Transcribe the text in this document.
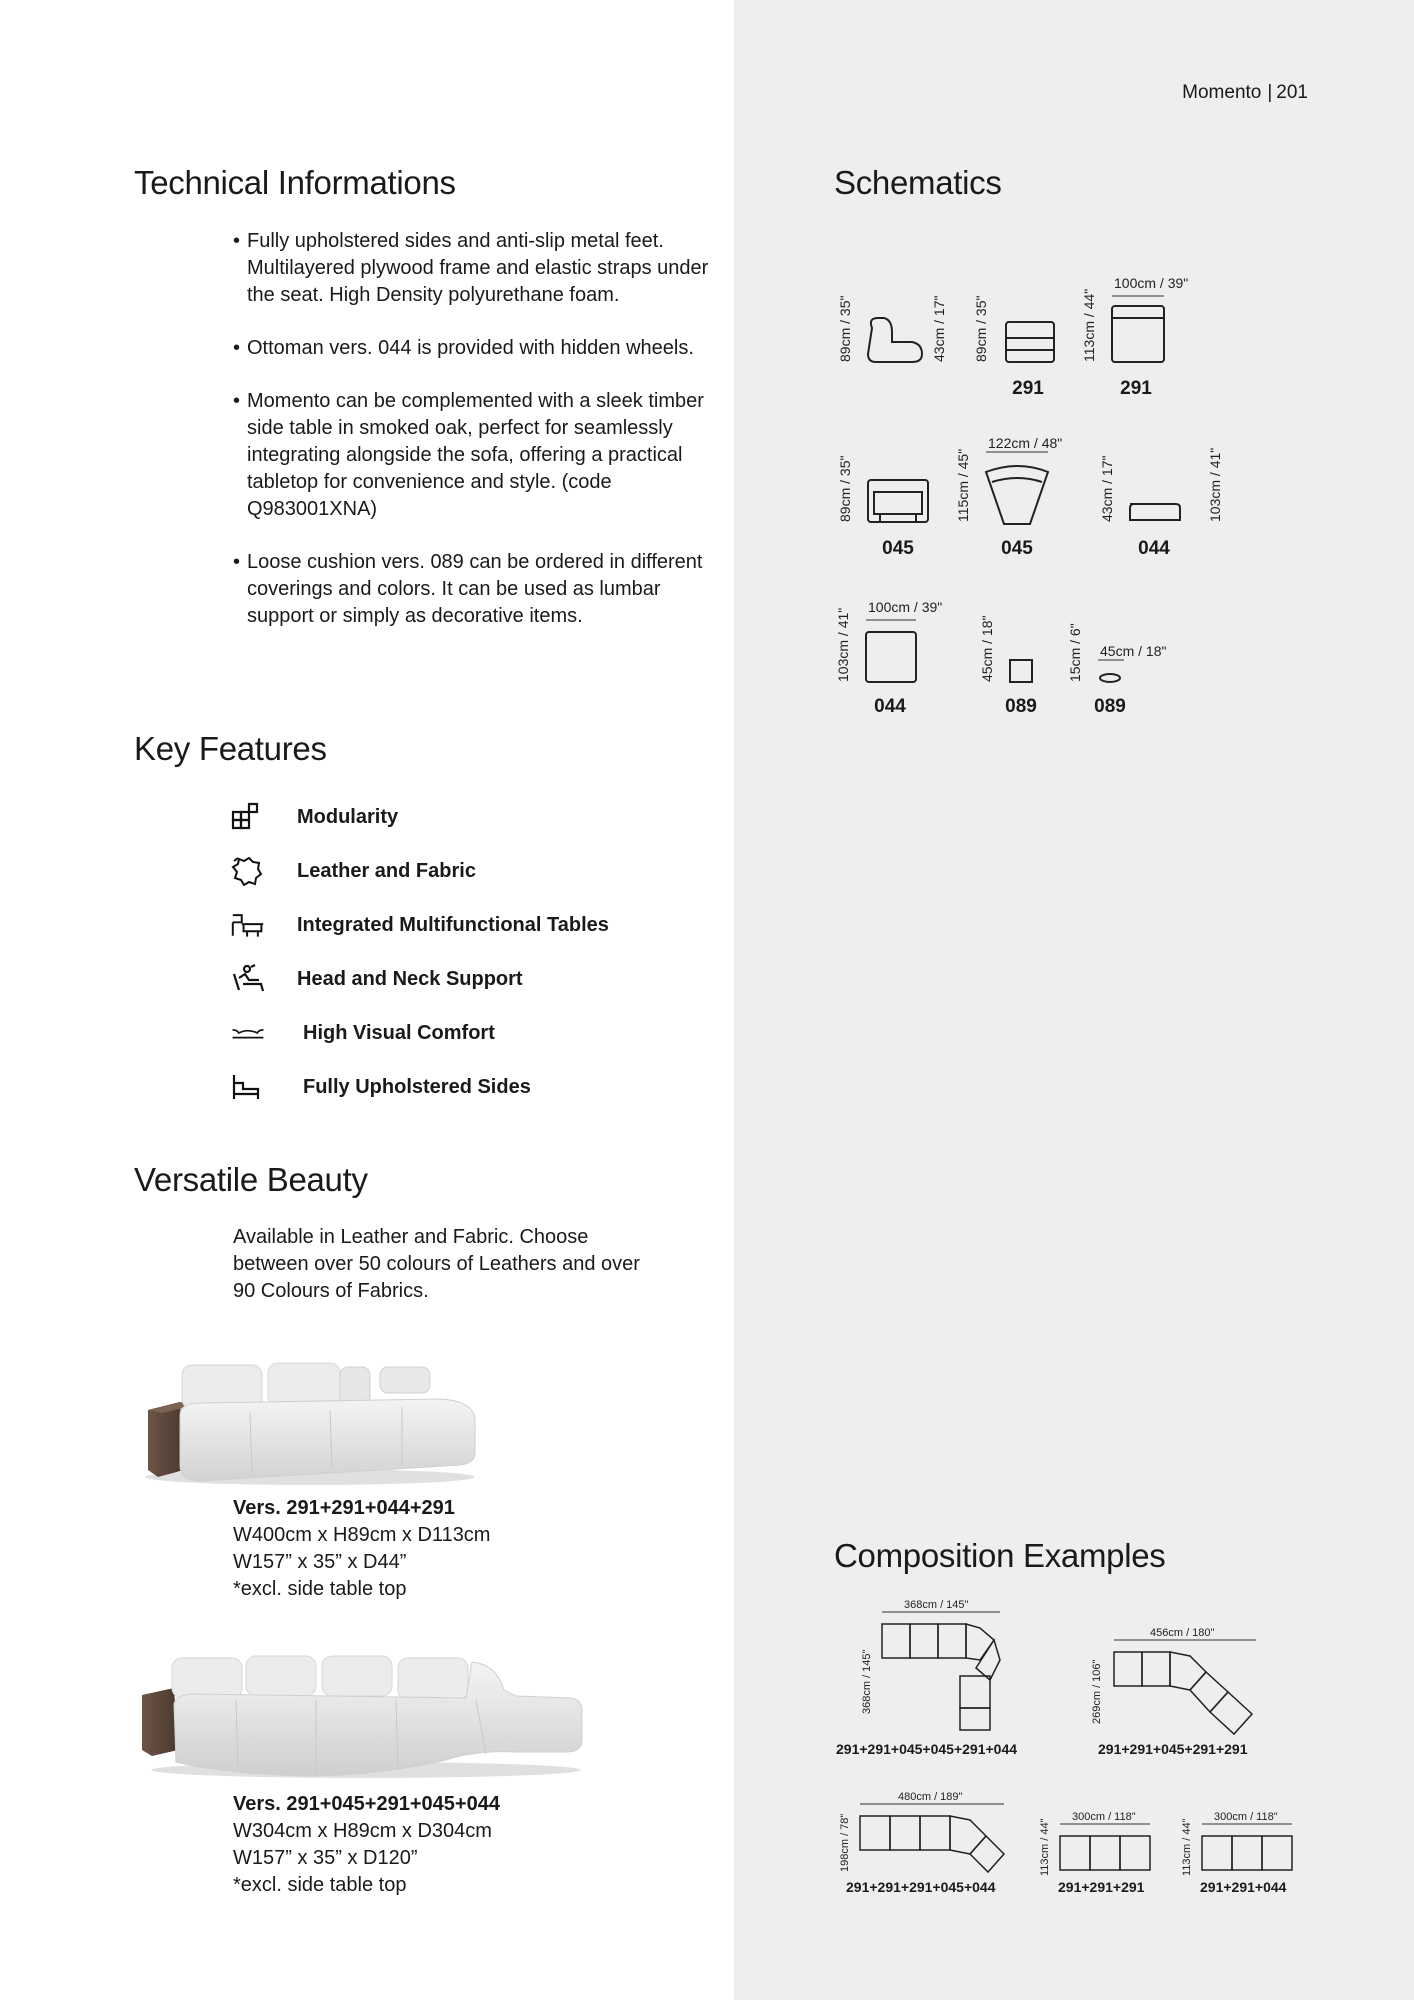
Momento | 201
Technical Informations
• Fully upholstered sides and anti-slip metal feet. Multilayered plywood frame and elastic straps under the seat. High Density polyurethane foam.
• Ottoman vers. 044 is provided with hidden wheels.
• Momento can be complemented with a sleek timber side table in smoked oak, perfect for seamlessly integrating alongside the sofa, offering a practical tabletop for convenience and style. (code Q983001XNA)
• Loose cushion vers. 089 can be ordered in different coverings and colors. It can be used as lumbar support or simply as decorative items.
Key Features
Modularity
Leather and Fabric
Integrated Multifunctional Tables
Head and Neck Support
High Visual Comfort
Fully Upholstered Sides
Versatile Beauty
Available in Leather and Fabric. Choose between over 50 colours of Leathers and over 90 Colours of Fabrics.
Vers. 291+291+044+291
W400cm x H89cm x D113cm
W157” x 35” x D44”
*excl. side table top
Vers. 291+045+291+045+044
W304cm x H89cm x D304cm
W157” x 35” x D120”
*excl. side table top
Schematics
Composition Examples
89cm / 35"	43cm / 17" 89cm / 35"	113cm / 44"
100cm / 39"
89cm / 35"	115cm / 45"
122cm / 48"
43cm / 17"	103cm / 41"
103cm / 41"
100cm / 39"
45cm / 18"	15cm / 6" 45cm / 18"
291	291
045	045	044
044	089	089
368cm / 145"
368cm / 145"
456cm / 180"
269cm / 106"
480cm / 189"
198cm / 78"	300cm / 118"
113cm / 44"
300cm / 118"
113cm / 44"
291+291+045+045+291+044	291+291+045+291+291
291+291+291+045+044	291+291+291	291+291+044
